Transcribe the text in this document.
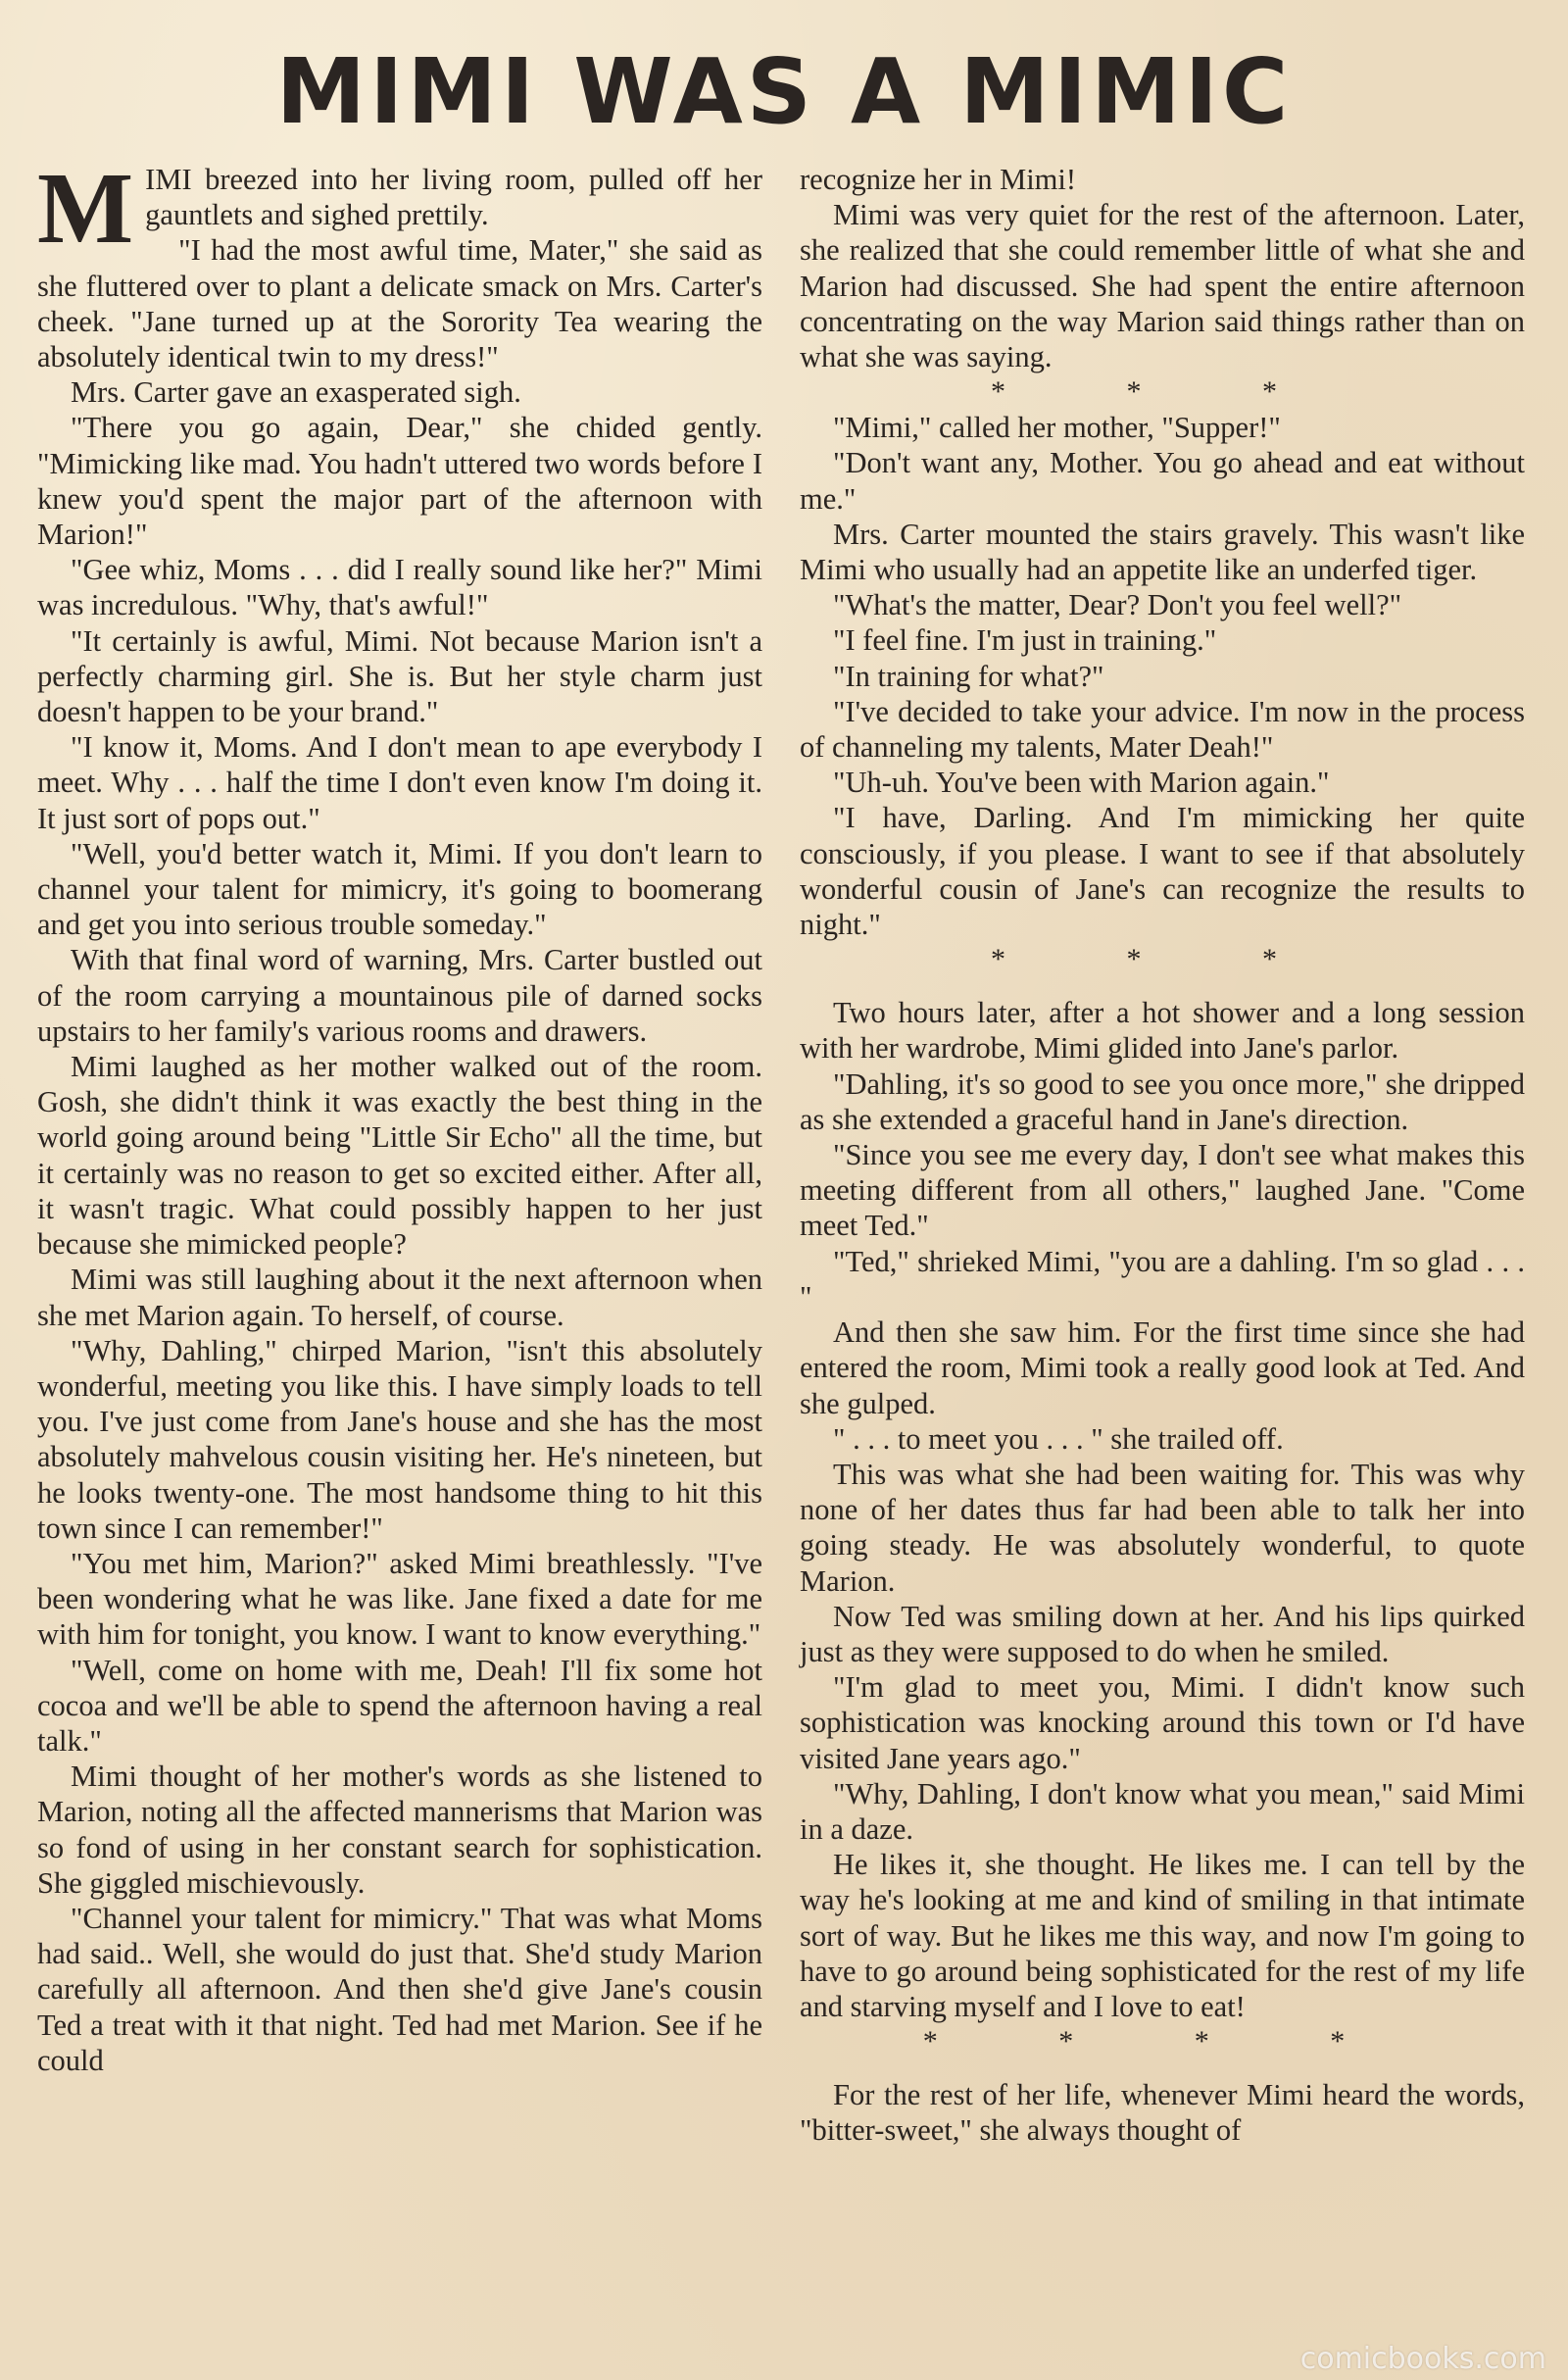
MIMI WAS A MIMIC

MIMI breezed into her living room, pulled off her gauntlets and sighed prettily.

"I had the most awful time, Mater," she said as she fluttered over to plant a delicate smack on Mrs. Carter's cheek. "Jane turned up at the Sorority Tea wearing the absolutely identical twin to my dress!"

Mrs. Carter gave an exasperated sigh.

"There you go again, Dear," she chided gently. "Mimicking like mad. You hadn't uttered two words before I knew you'd spent the major part of the afternoon with Marion!"

"Gee whiz, Moms . . . did I really sound like her?" Mimi was incredulous. "Why, that's awful!"

"It certainly is awful, Mimi. Not because Marion isn't a perfectly charming girl. She is. But her style charm just doesn't happen to be your brand."

"I know it, Moms. And I don't mean to ape everybody I meet. Why . . . half the time I don't even know I'm doing it. It just sort of pops out."

"Well, you'd better watch it, Mimi. If you don't learn to channel your talent for mimicry, it's going to boomerang and get you into serious trouble someday."

With that final word of warning, Mrs. Carter bustled out of the room carrying a mountainous pile of darned socks upstairs to her family's various rooms and drawers.

Mimi laughed as her mother walked out of the room. Gosh, she didn't think it was exactly the best thing in the world going around being "Little Sir Echo" all the time, but it certainly was no reason to get so excited either. After all, it wasn't tragic. What could possibly happen to her just because she mimicked people?

Mimi was still laughing about it the next afternoon when she met Marion again. To herself, of course.

"Why, Dahling," chirped Marion, "isn't this absolutely wonderful, meeting you like this. I have simply loads to tell you. I've just come from Jane's house and she has the most absolutely mahvelous cousin visiting her. He's nineteen, but he looks twenty-one. The most handsome thing to hit this town since I can remember!"

"You met him, Marion?" asked Mimi breathlessly. "I've been wondering what he was like. Jane fixed a date for me with him for tonight, you know. I want to know everything."

"Well, come on home with me, Deah! I'll fix some hot cocoa and we'll be able to spend the afternoon having a real talk."

Mimi thought of her mother's words as she listened to Marion, noting all the affected mannerisms that Marion was so fond of using in her constant search for sophistication. She giggled mischievously.

"Channel your talent for mimicry." That was what Moms had said.. Well, she would do just that. She'd study Marion carefully all afternoon. And then she'd give Jane's cousin Ted a treat with it that night. Ted had met Marion. See if he could

recognize her in Mimi!

Mimi was very quiet for the rest of the afternoon. Later, she realized that she could remember little of what she and Marion had discussed. She had spent the entire afternoon concentrating on the way Marion said things rather than on what she was saying.

* * *

"Mimi," called her mother, "Supper!"

"Don't want any, Mother. You go ahead and eat without me."

Mrs. Carter mounted the stairs gravely. This wasn't like Mimi who usually had an appetite like an underfed tiger.

"What's the matter, Dear? Don't you feel well?"

"I feel fine. I'm just in training."

"In training for what?"

"I've decided to take your advice. I'm now in the process of channeling my talents, Mater Deah!"

"Uh-uh. You've been with Marion again."

"I have, Darling. And I'm mimicking her quite consciously, if you please. I want to see if that absolutely wonderful cousin of Jane's can recognize the results to night."

* * *

Two hours later, after a hot shower and a long session with her wardrobe, Mimi glided into Jane's parlor.

"Dahling, it's so good to see you once more," she dripped as she extended a graceful hand in Jane's direction.

"Since you see me every day, I don't see what makes this meeting different from all others," laughed Jane. "Come meet Ted."

"Ted," shrieked Mimi, "you are a dahling. I'm so glad . . . "

And then she saw him. For the first time since she had entered the room, Mimi took a really good look at Ted. And she gulped.

" . . . to meet you . . . " she trailed off.

This was what she had been waiting for. This was why none of her dates thus far had been able to talk her into going steady. He was absolutely wonderful, to quote Marion.

Now Ted was smiling down at her. And his lips quirked just as they were supposed to do when he smiled.

"I'm glad to meet you, Mimi. I didn't know such sophistication was knocking around this town or I'd have visited Jane years ago."

"Why, Dahling, I don't know what you mean," said Mimi in a daze.

He likes it, she thought. He likes me. I can tell by the way he's looking at me and kind of smiling in that intimate sort of way. But he likes me this way, and now I'm going to have to go around being sophisticated for the rest of my life and starving myself and I love to eat!

* * * *

For the rest of her life, whenever Mimi heard the words, "bitter-sweet," she always thought of

comicbooks.com
